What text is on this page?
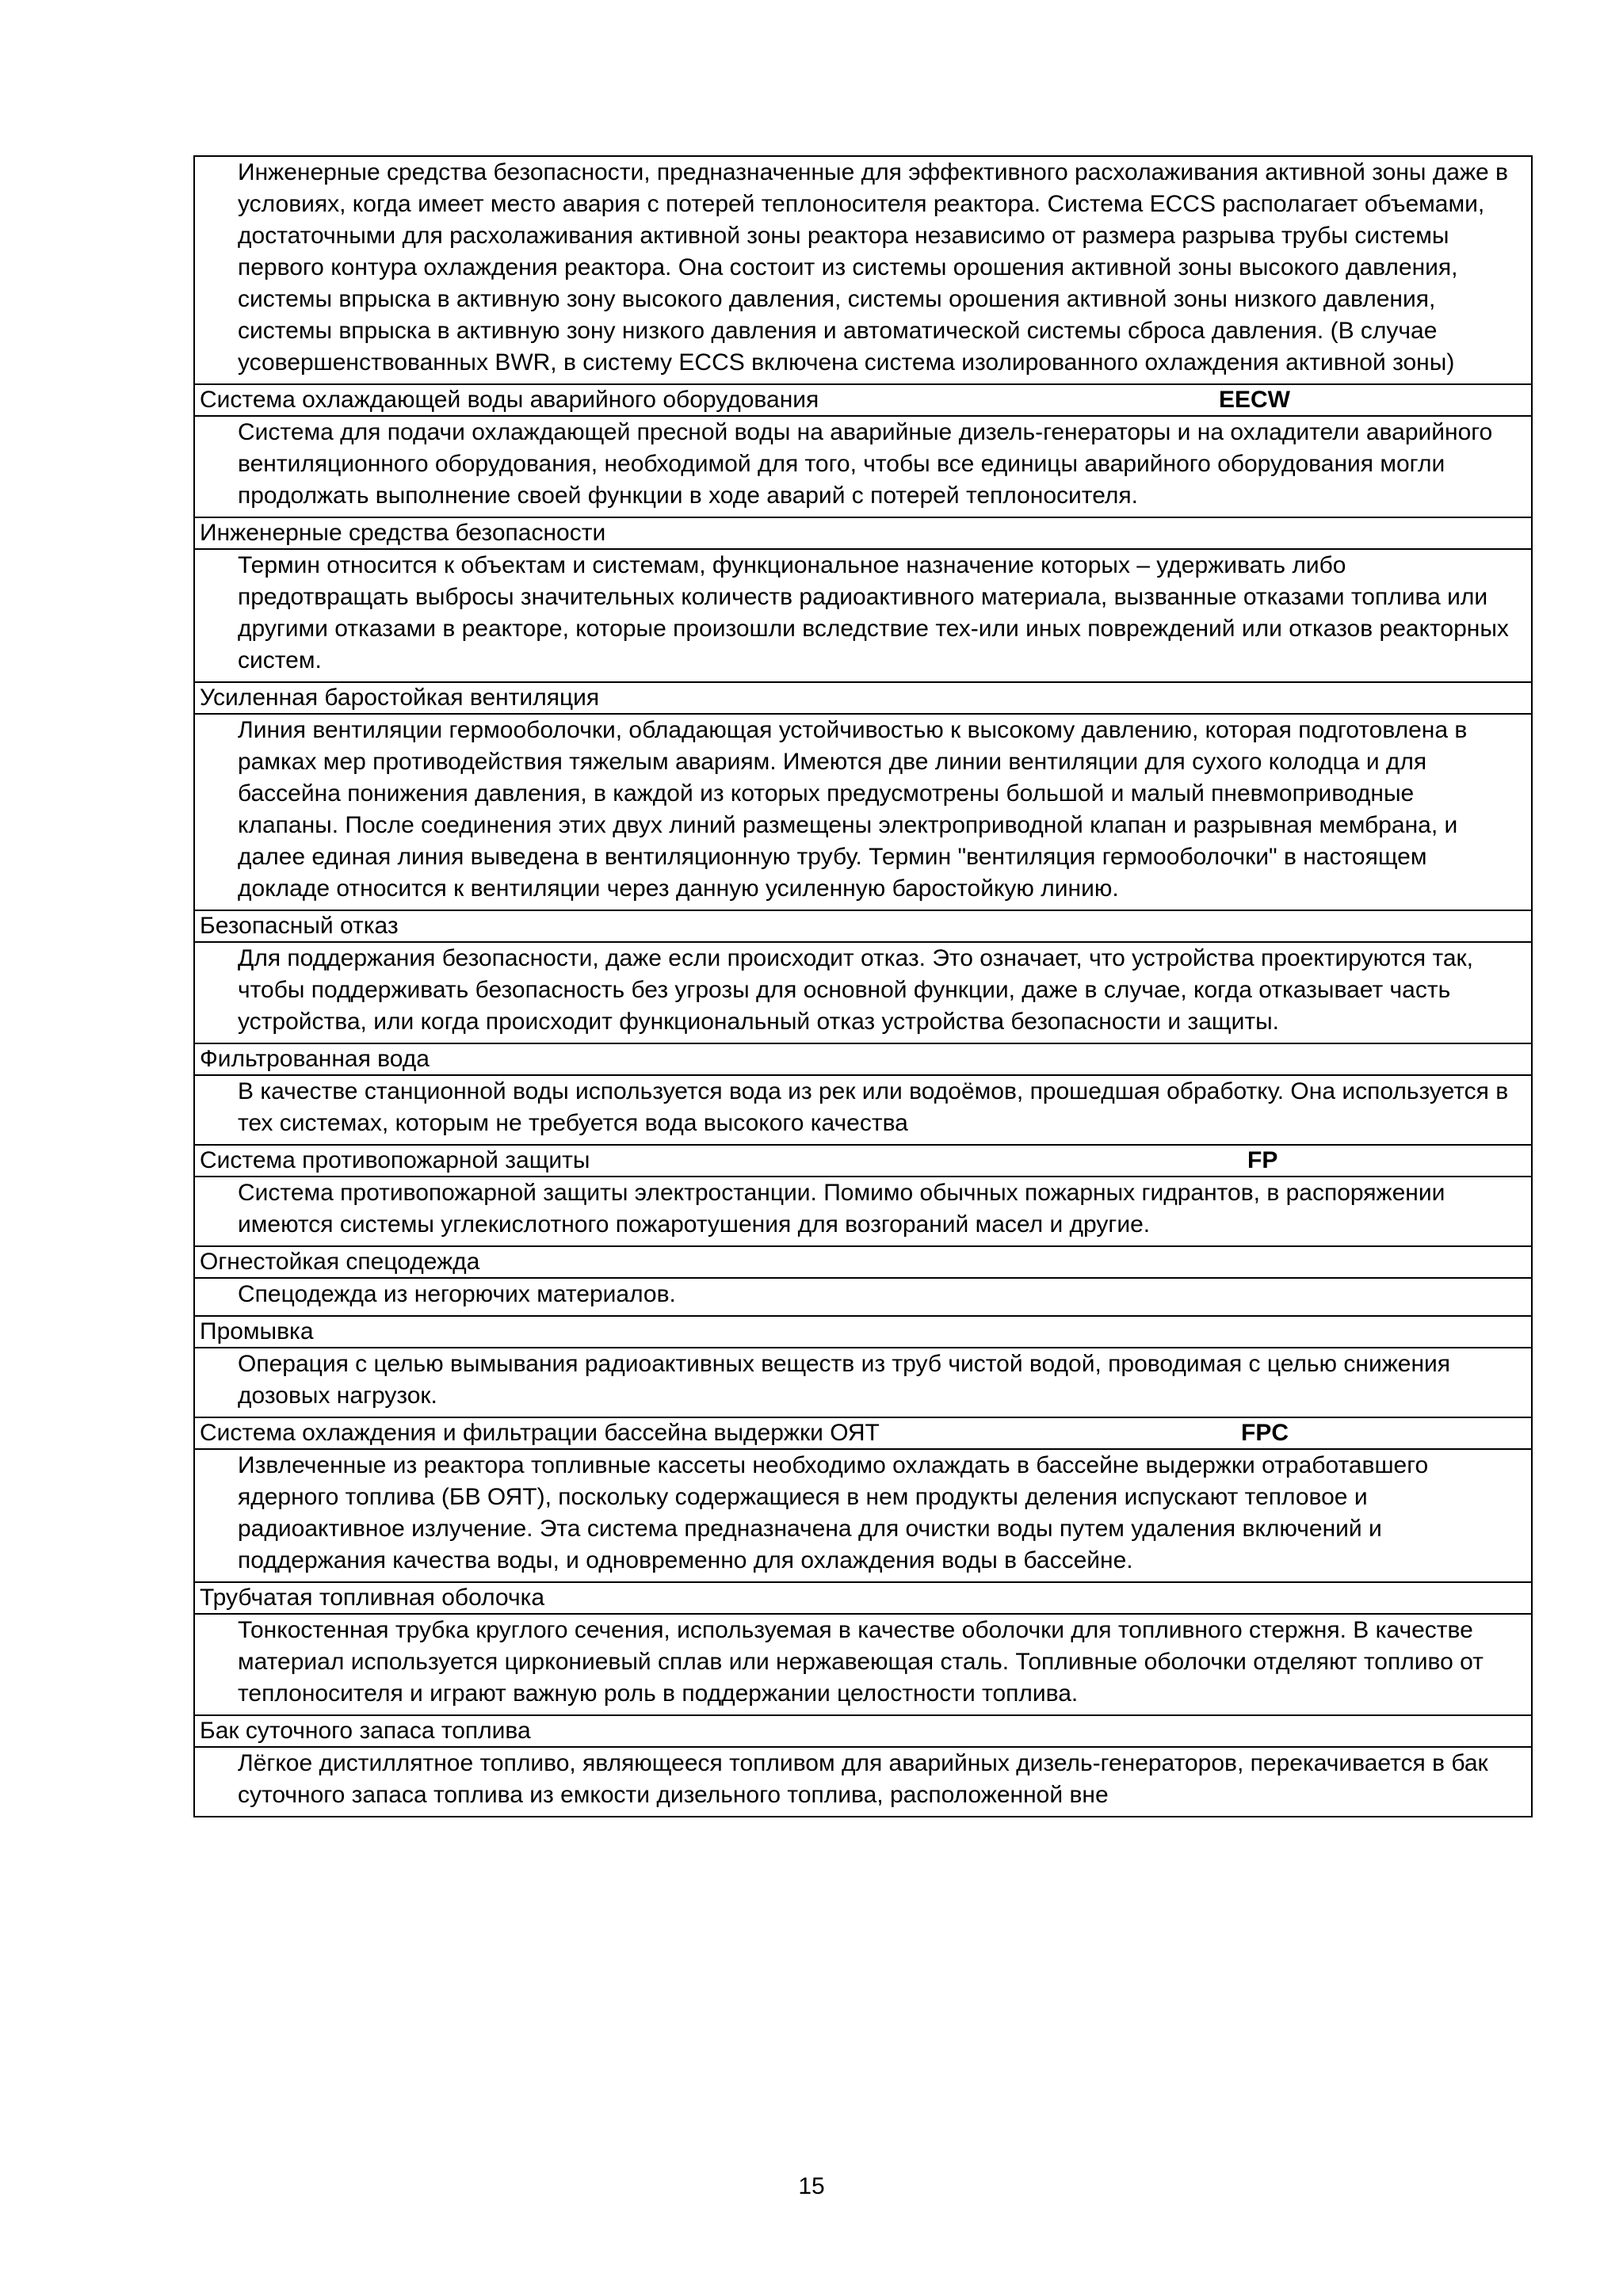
Инженерные средства безопасности, предназначенные для эффективного расхолаживания активной зоны даже в условиях, когда имеет место авария с потерей теплоносителя реактора. Система ECCS располагает объемами, достаточными для расхолаживания активной зоны реактора независимо от размера разрыва трубы системы первого контура охлаждения реактора. Она состоит из системы орошения активной зоны высокого давления, системы впрыска в активную зону высокого давления, системы орошения активной зоны низкого давления, системы впрыска в активную зону низкого давления и автоматической системы сброса давления. (В случае усовершенствованных BWR, в систему ECCS включена система изолированного охлаждения активной зоны)

Система охлаждающей воды аварийного оборудования	EECW

Система для подачи охлаждающей пресной воды на аварийные дизель-генераторы и на охладители аварийного вентиляционного оборудования, необходимой для того, чтобы все единицы аварийного оборудования могли продолжать выполнение своей функции в ходе аварий с потерей теплоносителя.

Инженерные средства безопасности

Термин относится к объектам и системам, функциональное назначение которых – удерживать либо предотвращать выбросы значительных количеств радиоактивного материала, вызванные отказами топлива или другими отказами в реакторе, которые произошли вследствие тех-или иных повреждений или отказов реакторных систем.

Усиленная баростойкая вентиляция

Линия вентиляции гермооболочки, обладающая устойчивостью к высокому давлению, которая подготовлена в рамках мер противодействия тяжелым авариям. Имеются две линии вентиляции для сухого колодца и для бассейна понижения давления, в каждой из которых предусмотрены большой и малый пневмоприводные клапаны. После соединения этих двух линий размещены электроприводной клапан и разрывная мембрана, и далее единая линия выведена в вентиляционную трубу. Термин "вентиляция гермооболочки" в настоящем докладе относится к вентиляции через данную усиленную баростойкую линию.

Безопасный отказ

Для поддержания безопасности, даже если происходит отказ. Это означает, что устройства проектируются так, чтобы поддерживать безопасность без угрозы для основной функции, даже в случае, когда отказывает часть устройства, или когда происходит функциональный отказ устройства безопасности и защиты.

Фильтрованная вода

В качестве станционной воды используется вода из рек или водоёмов, прошедшая обработку. Она используется в тех системах, которым не требуется вода высокого качества

Система противопожарной защиты	FP

Система противопожарной защиты электростанции. Помимо обычных пожарных гидрантов, в распоряжении имеются системы углекислотного пожаротушения для возгораний масел и другие.

Огнестойкая спецодежда

Спецодежда из негорючих материалов.

Промывка

Операция с целью вымывания радиоактивных веществ из труб чистой водой, проводимая с целью снижения дозовых нагрузок.

Система охлаждения и фильтрации бассейна выдержки ОЯТ	FPC

Извлеченные из реактора топливные кассеты необходимо охлаждать в бассейне выдержки отработавшего ядерного топлива (БВ ОЯТ), поскольку содержащиеся в нем продукты деления испускают тепловое и радиоактивное излучение. Эта система предназначена для очистки воды путем удаления включений и поддержания качества воды, и одновременно для охлаждения воды в бассейне.

Трубчатая топливная оболочка

Тонкостенная трубка круглого сечения, используемая в качестве оболочки для топливного стержня. В качестве материал используется циркониевый сплав или нержавеющая сталь. Топливные оболочки отделяют топливо от теплоносителя и играют важную роль в поддержании целостности топлива.

Бак суточного запаса топлива

Лёгкое дистиллятное топливо, являющееся топливом для аварийных дизель-генераторов, перекачивается в бак суточного запаса топлива из емкости дизельного топлива, расположенной вне

15
